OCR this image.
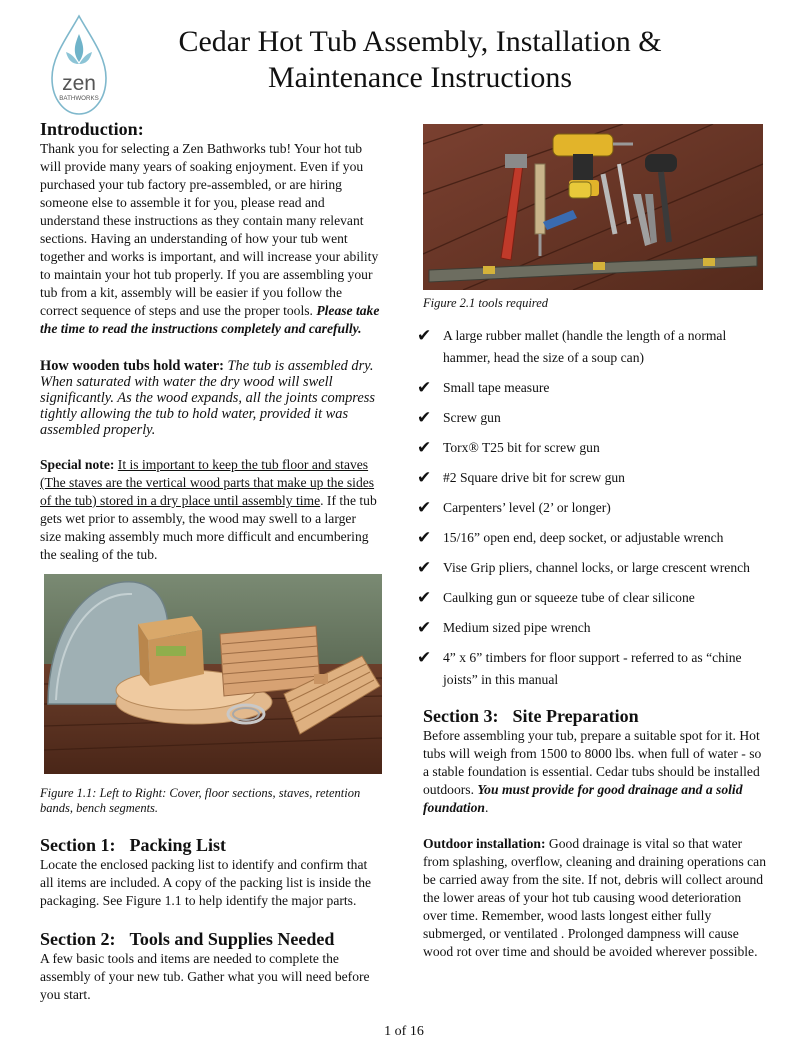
zen
BATHWORKS
Cedar Hot Tub Assembly, Installation &
Maintenance Instructions
Introduction:

Thank you for selecting a Zen Bathworks tub! Your hot tub will provide many years of soaking enjoyment. Even if you purchased your tub factory pre-assembled, or are hiring someone else to assemble it for you, please read and understand these instructions as they contain many relevant sections. Having an understanding of how your tub went together and works is important, and will increase your ability to maintain your hot tub properly. If you are assembling your tub from a kit, assembly will be easier if you follow the correct sequence of steps and use the proper tools. Please take the time to read the instructions completely and carefully.

How wooden tubs hold water: The tub is assembled dry. When saturated with water the dry wood will swell significantly. As the wood expands, all the joints compress tightly allowing the tub to hold water, provided it was assembled properly.

Special note: It is important to keep the tub floor and staves (The staves are the vertical wood parts that make up the sides of the tub) stored in a dry place until assembly time. If the tub gets wet prior to assembly, the wood may swell to a larger size making assembly much more difficult and encumbering the sealing of the tub.

Figure 1.1: Left to Right: Cover, floor sections, staves, retention bands, bench segments.

Section 1: Packing List

Locate the enclosed packing list to identify and confirm that all items are included. A copy of the packing list is inside the packaging. See Figure 1.1 to help identify the major parts.

Section 2: Tools and Supplies Needed

A few basic tools and items are needed to complete the assembly of your new tub. Gather what you will need before you start.

Figure 2.1 tools required

✔ A large rubber mallet (handle the length of a normal hammer, head the size of a soup can)
✔ Small tape measure
✔ Screw gun
✔ Torx® T25 bit for screw gun
✔ #2 Square drive bit for screw gun
✔ Carpenters’ level (2’ or longer)
✔ 15/16” open end, deep socket, or adjustable wrench
✔ Vise Grip pliers, channel locks, or large crescent wrench
✔ Caulking gun or squeeze tube of clear silicone
✔ Medium sized pipe wrench
✔ 4” x 6” timbers for floor support - referred to as “chine joists” in this manual
Section 3: Site Preparation

Before assembling your tub, prepare a suitable spot for it. Hot tubs will weigh from 1500 to 8000 lbs. when full of water - so a stable foundation is essential. Cedar tubs should be installed outdoors. You must provide for good drainage and a solid foundation.

Outdoor installation: Good drainage is vital so that water from splashing, overflow, cleaning and draining operations can be carried away from the site. If not, debris will collect around the lower areas of your hot tub causing wood deterioration over time. Remember, wood lasts longest either fully submerged, or ventilated . Prolonged dampness will cause wood rot over time and should be avoided wherever possible.

1 of 16
